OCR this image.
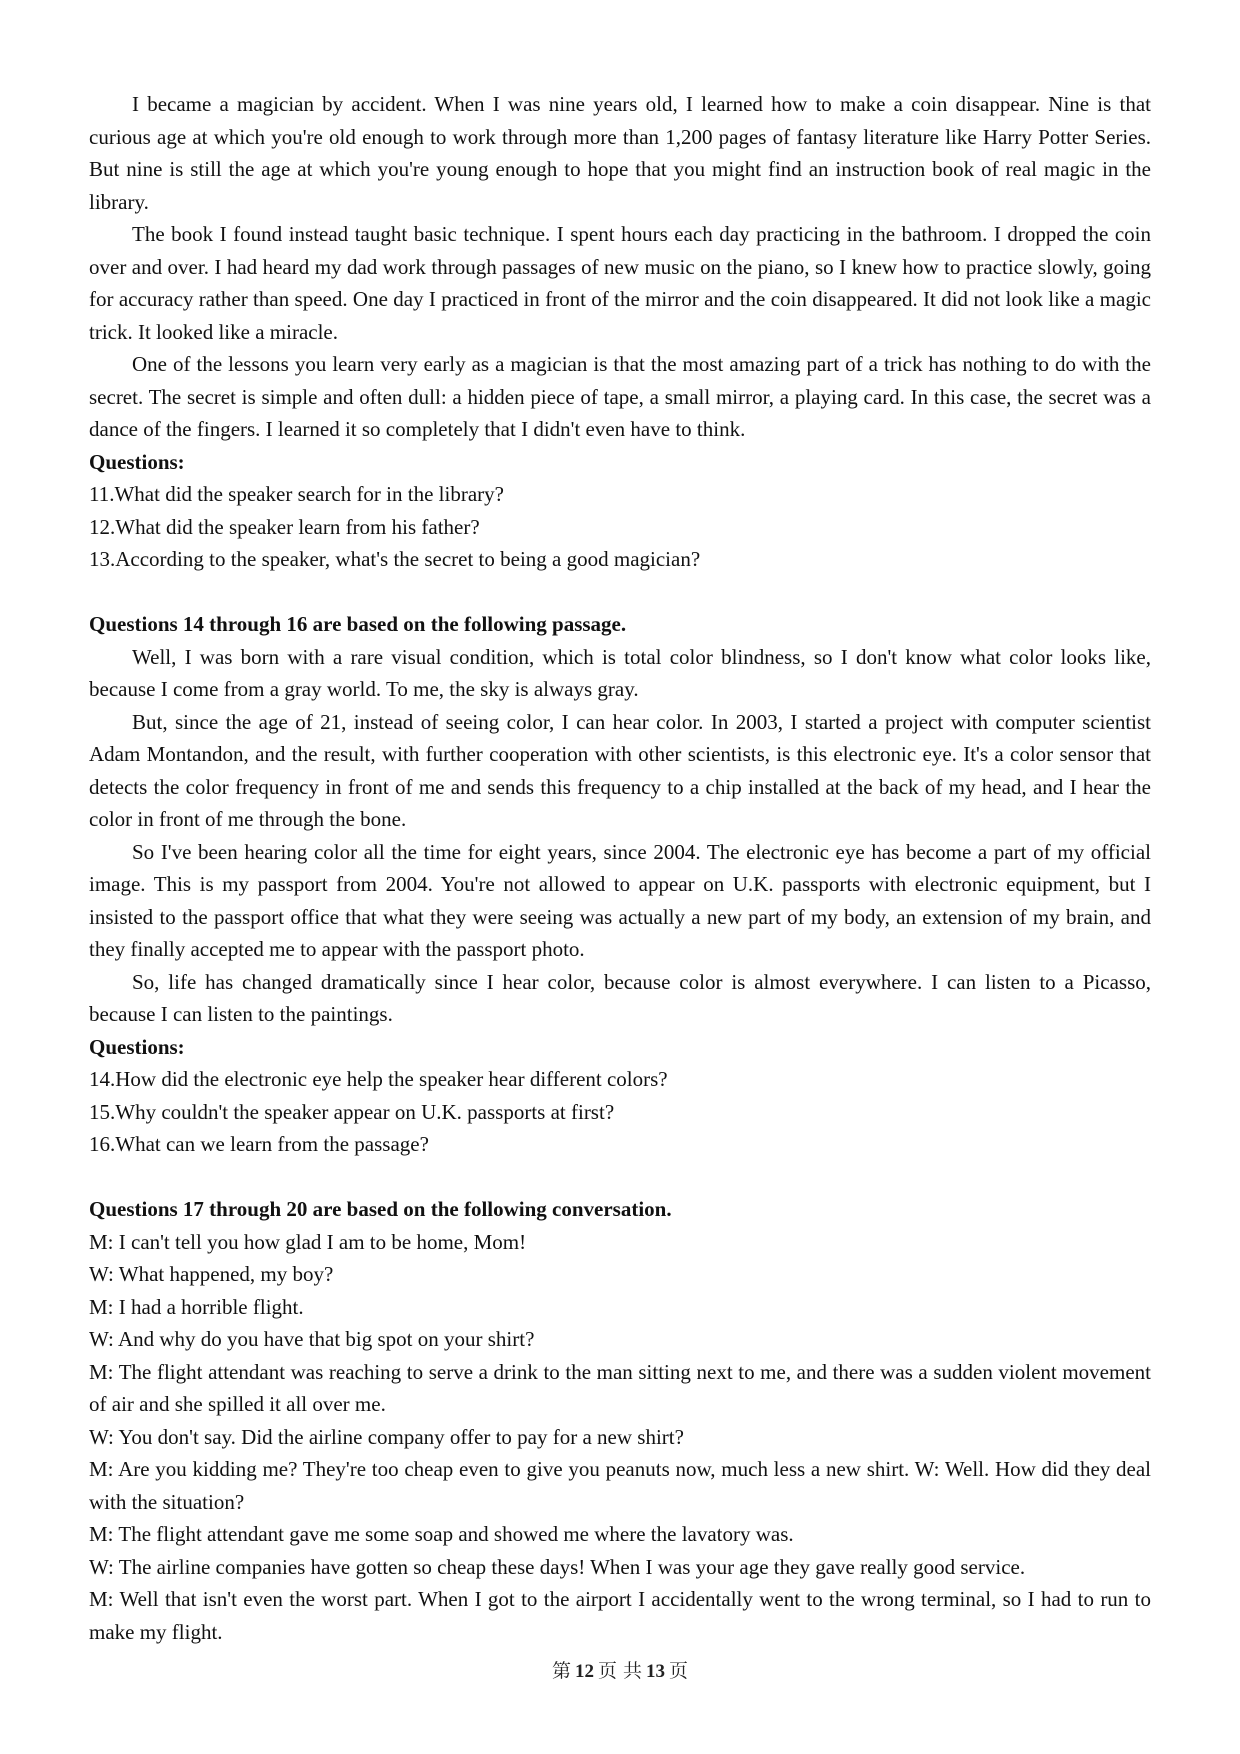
I became a magician by accident. When I was nine years old, I learned how to make a coin disappear. Nine is that curious age at which you're old enough to work through more than 1,200 pages of fantasy literature like Harry Potter Series. But nine is still the age at which you're young enough to hope that you might find an instruction book of real magic in the library.

The book I found instead taught basic technique. I spent hours each day practicing in the bathroom. I dropped the coin over and over. I had heard my dad work through passages of new music on the piano, so I knew how to practice slowly, going for accuracy rather than speed. One day I practiced in front of the mirror and the coin disappeared. It did not look like a magic trick. It looked like a miracle.

One of the lessons you learn very early as a magician is that the most amazing part of a trick has nothing to do with the secret. The secret is simple and often dull: a hidden piece of tape, a small mirror, a playing card. In this case, the secret was a dance of the fingers. I learned it so completely that I didn't even have to think.

Questions:

11.What did the speaker search for in the library?

12.What did the speaker learn from his father?

13.According to the speaker, what's the secret to being a good magician?

Questions 14 through 16 are based on the following passage.

Well, I was born with a rare visual condition, which is total color blindness, so I don't know what color looks like, because I come from a gray world. To me, the sky is always gray.

But, since the age of 21, instead of seeing color, I can hear color. In 2003, I started a project with computer scientist Adam Montandon, and the result, with further cooperation with other scientists, is this electronic eye. It's a color sensor that detects the color frequency in front of me and sends this frequency to a chip installed at the back of my head, and I hear the color in front of me through the bone.

So I've been hearing color all the time for eight years, since 2004. The electronic eye has become a part of my official image. This is my passport from 2004. You're not allowed to appear on U.K. passports with electronic equipment, but I insisted to the passport office that what they were seeing was actually a new part of my body, an extension of my brain, and they finally accepted me to appear with the passport photo.

So, life has changed dramatically since I hear color, because color is almost everywhere. I can listen to a Picasso, because I can listen to the paintings.

Questions:

14.How did the electronic eye help the speaker hear different colors?

15.Why couldn't the speaker appear on U.K. passports at first?

16.What can we learn from the passage?

Questions 17 through 20 are based on the following conversation.

M: I can't tell you how glad I am to be home, Mom!

W: What happened, my boy?

M: I had a horrible flight.

W: And why do you have that big spot on your shirt?

M: The flight attendant was reaching to serve a drink to the man sitting next to me, and there was a sudden violent movement of air and she spilled it all over me.

W: You don't say. Did the airline company offer to pay for a new shirt?

M: Are you kidding me? They're too cheap even to give you peanuts now, much less a new shirt. W: Well. How did they deal with the situation?

M: The flight attendant gave me some soap and showed me where the lavatory was.

W: The airline companies have gotten so cheap these days! When I was your age they gave really good service.

M: Well that isn't even the worst part. When I got to the airport I accidentally went to the wrong terminal, so I had to run to make my flight.

第 12 页 共 13 页
